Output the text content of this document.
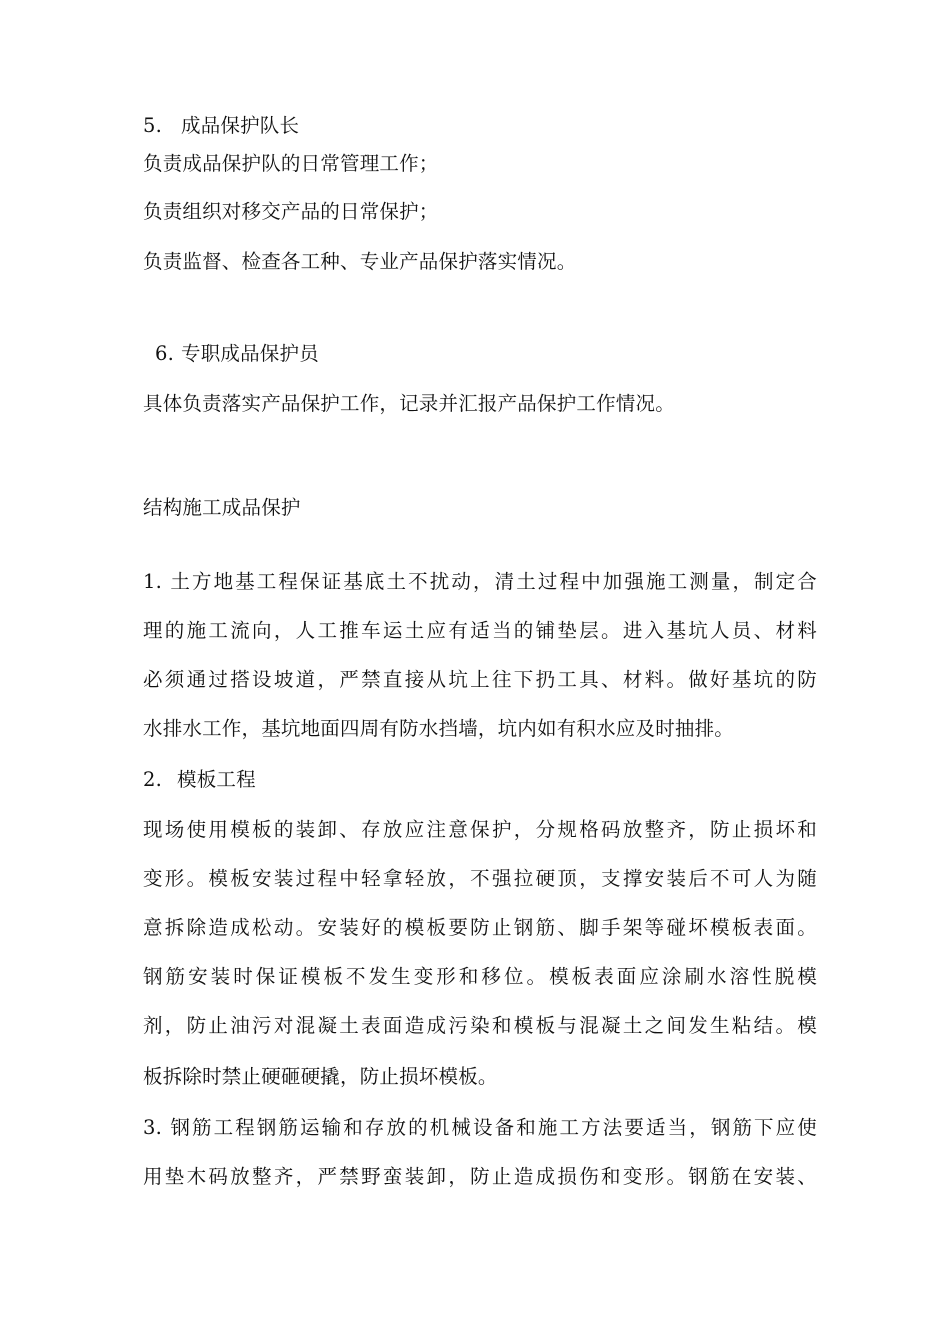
5. 成品保护队长
负责成品保护队的日常管理工作；
负责组织对移交产品的日常保护；
负责监督、检查各工种、专业产品保护落实情况。
6. 专职成品保护员
具体负责落实产品保护工作，记录并汇报产品保护工作情况。
结构施工成品保护
1. 土方地基工程保证基底土不扰动，清土过程中加强施工测量，制定合
理的施工流向，人工推车运土应有适当的铺垫层。进入基坑人员、材料
必须通过搭设坡道，严禁直接从坑上往下扔工具、材料。做好基坑的防
水排水工作，基坑地面四周有防水挡墙，坑内如有积水应及时抽排。
2. 模板工程
现场使用模板的装卸、存放应注意保护，分规格码放整齐，防止损坏和
变形。模板安装过程中轻拿轻放，不强拉硬顶，支撑安装后不可人为随
意拆除造成松动。安装好的模板要防止钢筋、脚手架等碰坏模板表面。
钢筋安装时保证模板不发生变形和移位。模板表面应涂刷水溶性脱模
剂，防止油污对混凝土表面造成污染和模板与混凝土之间发生粘结。模
板拆除时禁止硬砸硬撬，防止损坏模板。
3. 钢筋工程钢筋运输和存放的机械设备和施工方法要适当，钢筋下应使
用垫木码放整齐，严禁野蛮装卸，防止造成损伤和变形。钢筋在安装、
